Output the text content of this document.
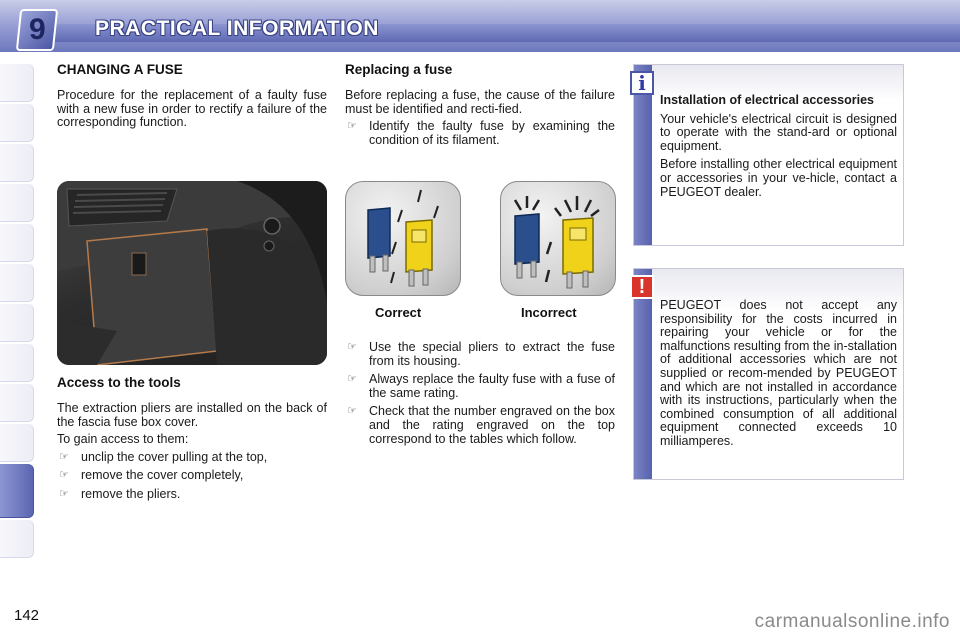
9 PRACTICAL INFORMATION
CHANGING A FUSE

Procedure for the replacement of a faulty fuse with a new fuse in order to rectify a failure of the corresponding function.

Access to the tools

The extraction pliers are installed on the back of the fascia fuse box cover.

To gain access to them:

☞ unclip the cover pulling at the top,
☞ remove the cover completely,
☞ remove the pliers.
Replacing a fuse

Before replacing a fuse, the cause of the failure must be identified and recti-fied.

☞ Identify the faulty fuse by examining the condition of its filament.
Correct	Incorrect
☞ Use the special pliers to extract the fuse from its housing.
☞ Always replace the faulty fuse with a fuse of the same rating.
☞ Check that the number engraved on the box and the rating engraved on the top correspond to the tables which follow.
i

Installation of electrical accessories

Your vehicle's electrical circuit is designed to operate with the stand-ard or optional equipment.

Before installing other electrical equipment or accessories in your ve-hicle, contact a PEUGEOT dealer.

!

PEUGEOT does not accept any responsibility for the costs incurred in repairing your vehicle or for the malfunctions resulting from the in-stallation of additional accessories which are not supplied or recom-mended by PEUGEOT and which are not installed in accordance with its instructions, particularly when the combined consumption of all additional equipment connected exceeds 10 milliamperes.

142	carmanualsonline.info
